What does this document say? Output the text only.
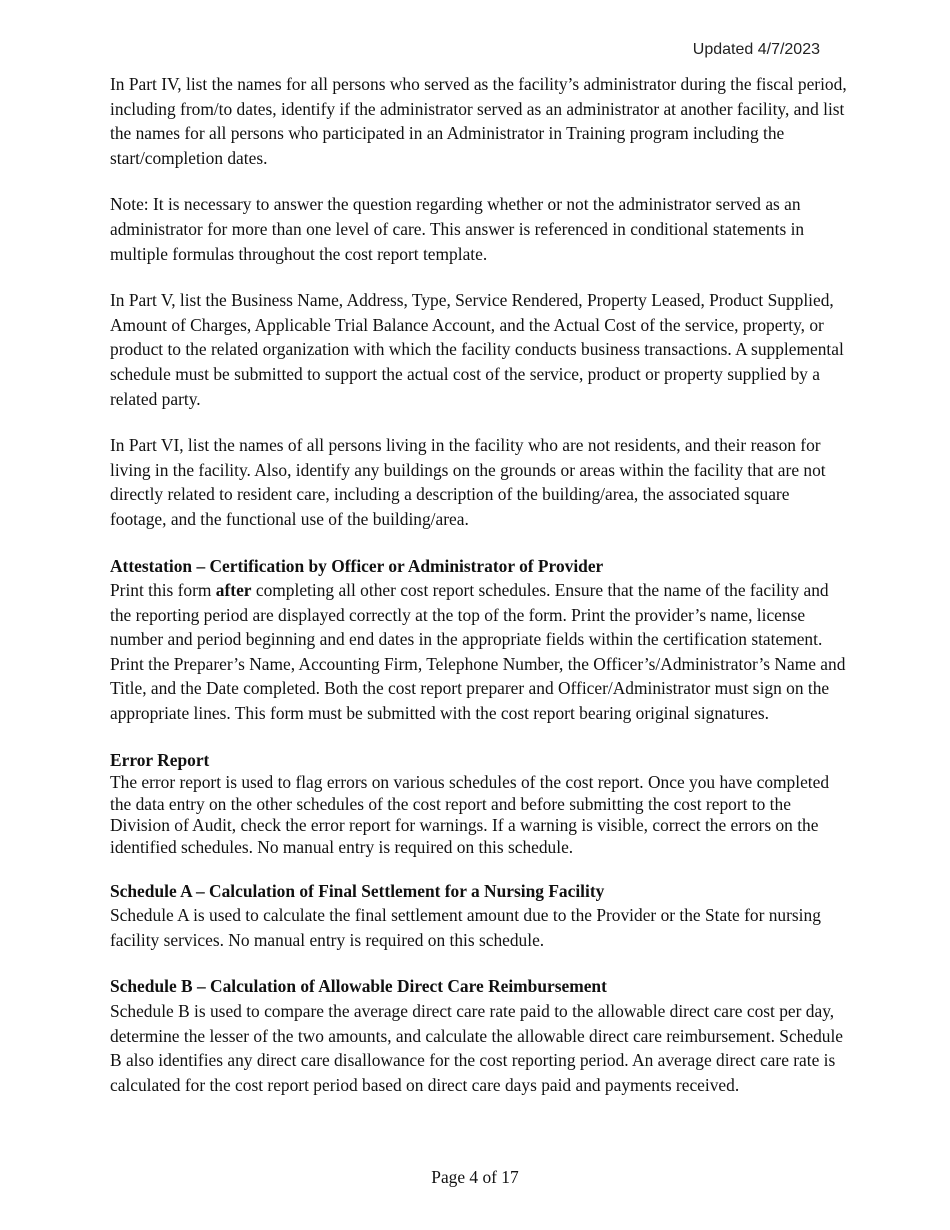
Updated 4/7/2023

In Part IV, list the names for all persons who served as the facility’s administrator during the fiscal period, including from/to dates, identify if the administrator served as an administrator at another facility, and list the names for all persons who participated in an Administrator in Training program including the start/completion dates.

Note: It is necessary to answer the question regarding whether or not the administrator served as an administrator for more than one level of care. This answer is referenced in conditional statements in multiple formulas throughout the cost report template.

In Part V, list the Business Name, Address, Type, Service Rendered, Property Leased, Product Supplied, Amount of Charges, Applicable Trial Balance Account, and the Actual Cost of the service, property, or product to the related organization with which the facility conducts business transactions. A supplemental schedule must be submitted to support the actual cost of the service, product or property supplied by a related party.

In Part VI, list the names of all persons living in the facility who are not residents, and their reason for living in the facility. Also, identify any buildings on the grounds or areas within the facility that are not directly related to resident care, including a description of the building/area, the associated square footage, and the functional use of the building/area.

Attestation – Certification by Officer or Administrator of Provider

Print this form after completing all other cost report schedules. Ensure that the name of the facility and the reporting period are displayed correctly at the top of the form. Print the provider’s name, license number and period beginning and end dates in the appropriate fields within the certification statement. Print the Preparer’s Name, Accounting Firm, Telephone Number, the Officer’s/Administrator’s Name and Title, and the Date completed. Both the cost report preparer and Officer/Administrator must sign on the appropriate lines. This form must be submitted with the cost report bearing original signatures.

Error Report

The error report is used to flag errors on various schedules of the cost report. Once you have completed the data entry on the other schedules of the cost report and before submitting the cost report to the Division of Audit, check the error report for warnings. If a warning is visible, correct the errors on the identified schedules. No manual entry is required on this schedule.

Schedule A – Calculation of Final Settlement for a Nursing Facility

Schedule A is used to calculate the final settlement amount due to the Provider or the State for nursing facility services. No manual entry is required on this schedule.

Schedule B – Calculation of Allowable Direct Care Reimbursement

Schedule B is used to compare the average direct care rate paid to the allowable direct care cost per day, determine the lesser of the two amounts, and calculate the allowable direct care reimbursement. Schedule B also identifies any direct care disallowance for the cost reporting period. An average direct care rate is calculated for the cost report period based on direct care days paid and payments received.

Page 4 of 17
